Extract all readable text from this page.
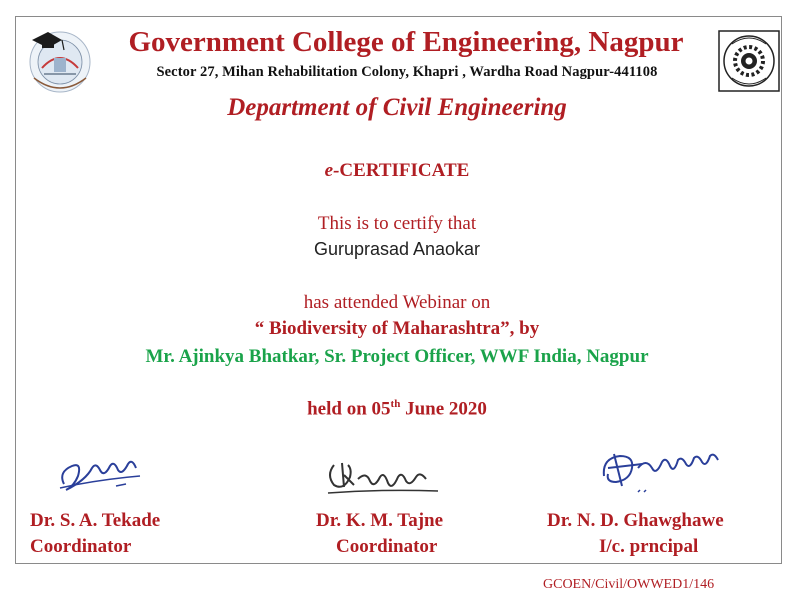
Government College of Engineering, Nagpur
Sector 27, Mihan Rehabilitation Colony, Khapri , Wardha Road Nagpur-441108
Department of Civil Engineering
e-CERTIFICATE
This is to certify that
Guruprasad Anaokar
has attended Webinar on
“ Biodiversity of Maharashtra”, by
Mr. Ajinkya Bhatkar, Sr. Project Officer, WWF India, Nagpur
held on 05th June 2020
Dr. S. A. Tekade
Coordinator
Dr. K. M. Tajne
Coordinator
Dr. N. D. Ghawghawe
I/c. prncipal
GCOEN/Civil/OWWED1/146
